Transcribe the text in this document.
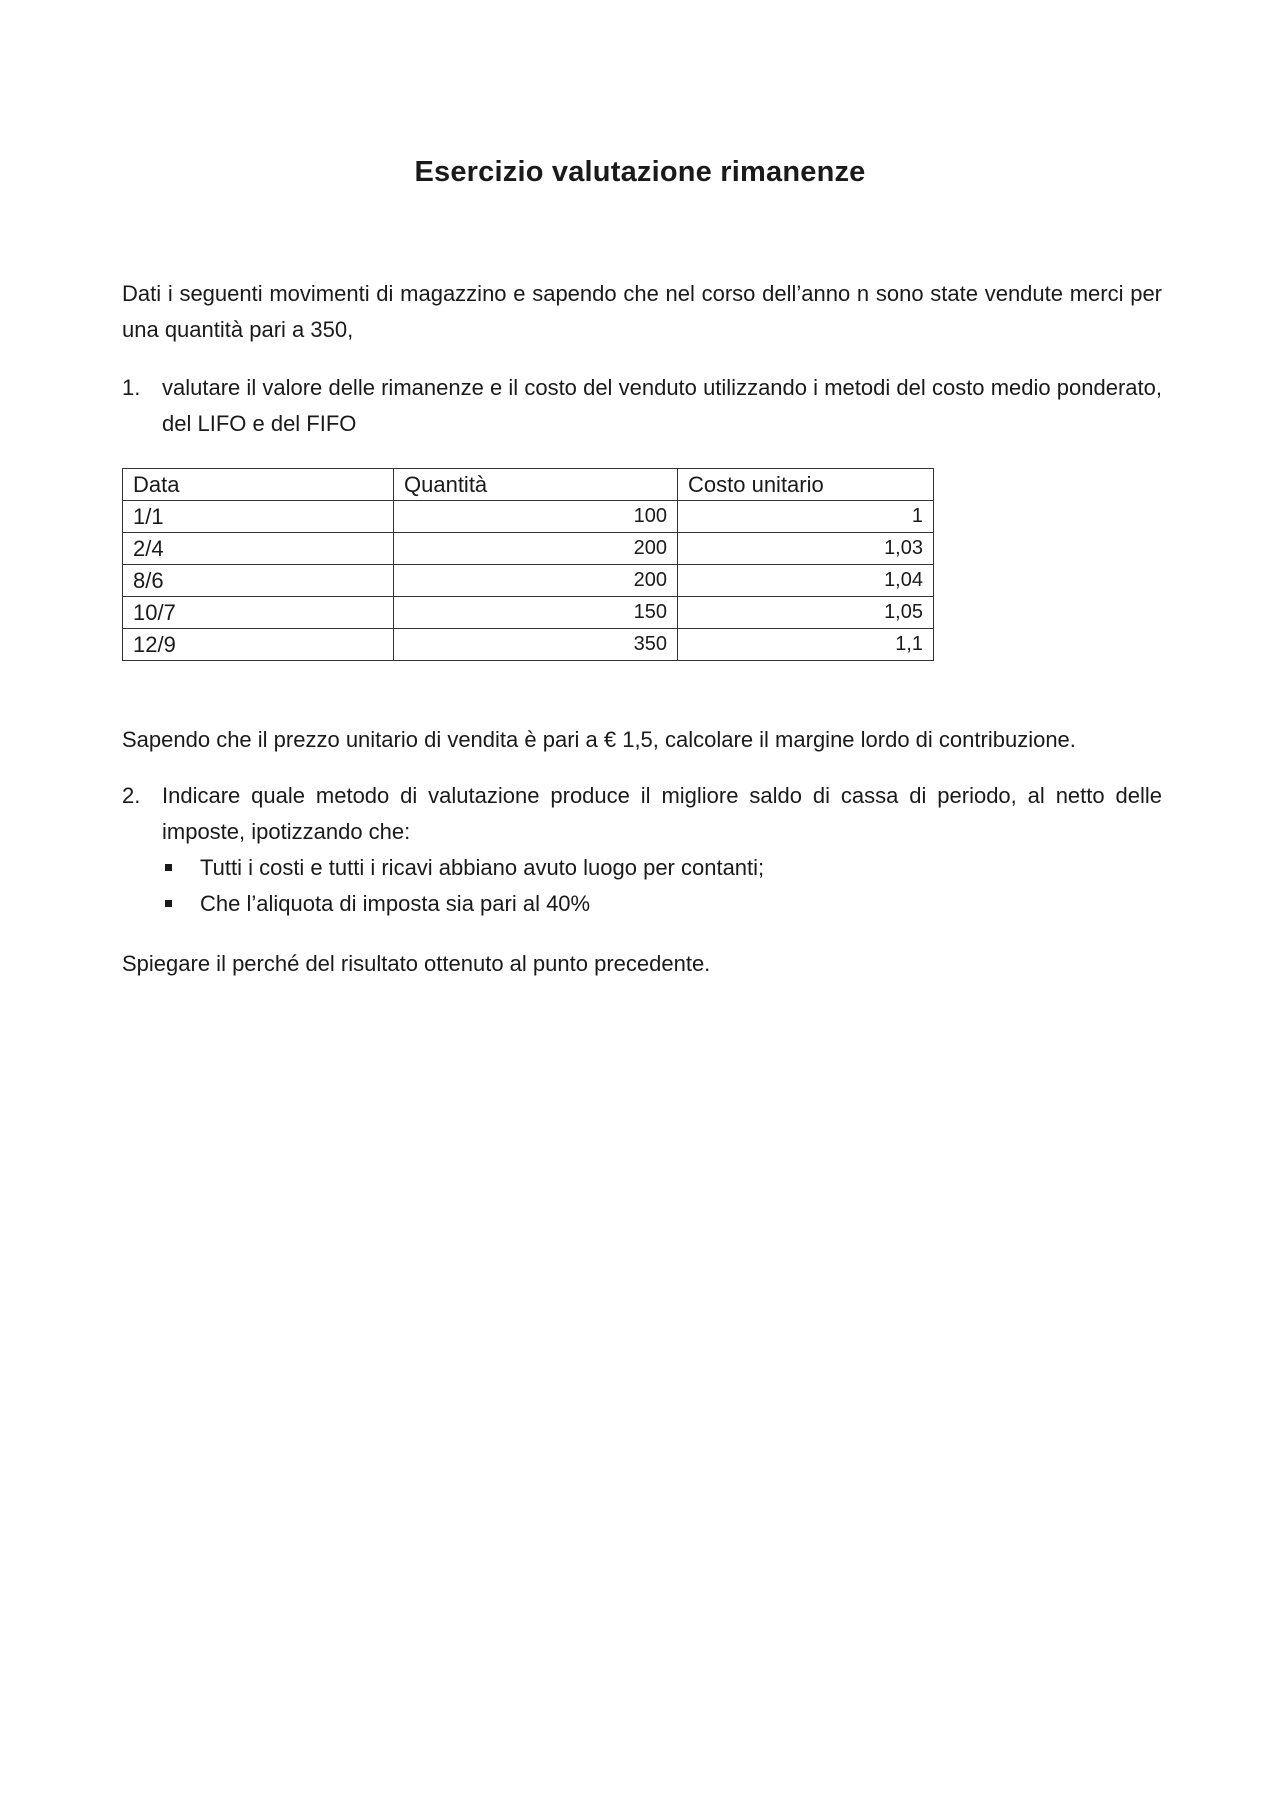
Esercizio valutazione rimanenze
Dati i seguenti movimenti di magazzino e sapendo che nel corso dell’anno n sono state vendute merci per una quantità pari a 350,
1. valutare il valore delle rimanenze e il costo del venduto utilizzando i metodi del costo medio ponderato, del LIFO e del FIFO
Data	Quantità	Costo unitario
1/1	100	1
2/4	200	1,03
8/6	200	1,04
10/7	150	1,05
12/9	350	1,1
Sapendo che il prezzo unitario di vendita è pari a € 1,5, calcolare il margine lordo di contribuzione.
2. Indicare quale metodo di valutazione produce il migliore saldo di cassa di periodo, al netto delle imposte, ipotizzando che:
Tutti i costi e tutti i ricavi abbiano avuto luogo per contanti;
Che l’aliquota di imposta sia pari al 40%
Spiegare il perché del risultato ottenuto al punto precedente.
